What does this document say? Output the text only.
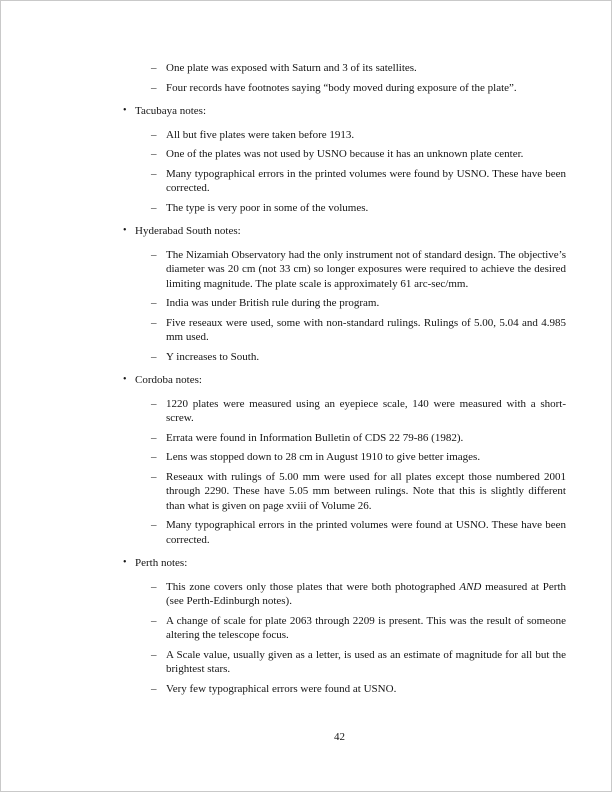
– One plate was exposed with Saturn and 3 of its satellites.
– Four records have footnotes saying “body moved during exposure of the plate”.
• Tacubaya notes:
– All but five plates were taken before 1913.
– One of the plates was not used by USNO because it has an unknown plate center.
– Many typographical errors in the printed volumes were found by USNO. These have been corrected.
– The type is very poor in some of the volumes.
• Hyderabad South notes:
– The Nizamiah Observatory had the only instrument not of standard design. The objective’s diameter was 20 cm (not 33 cm) so longer exposures were required to achieve the desired limiting magnitude. The plate scale is approximately 61 arc-sec/mm.
– India was under British rule during the program.
– Five reseaux were used, some with non-standard rulings. Rulings of 5.00, 5.04 and 4.985 mm used.
– Y increases to South.
• Cordoba notes:
– 1220 plates were measured using an eyepiece scale, 140 were measured with a short-screw.
– Errata were found in Information Bulletin of CDS 22 79-86 (1982).
– Lens was stopped down to 28 cm in August 1910 to give better images.
– Reseaux with rulings of 5.00 mm were used for all plates except those numbered 2001 through 2290. These have 5.05 mm between rulings. Note that this is slightly different than what is given on page xviii of Volume 26.
– Many typographical errors in the printed volumes were found at USNO. These have been corrected.
• Perth notes:
– This zone covers only those plates that were both photographed AND measured at Perth (see Perth-Edinburgh notes).
– A change of scale for plate 2063 through 2209 is present. This was the result of someone altering the telescope focus.
– A Scale value, usually given as a letter, is used as an estimate of magnitude for all but the brightest stars.
– Very few typographical errors were found at USNO.
42
